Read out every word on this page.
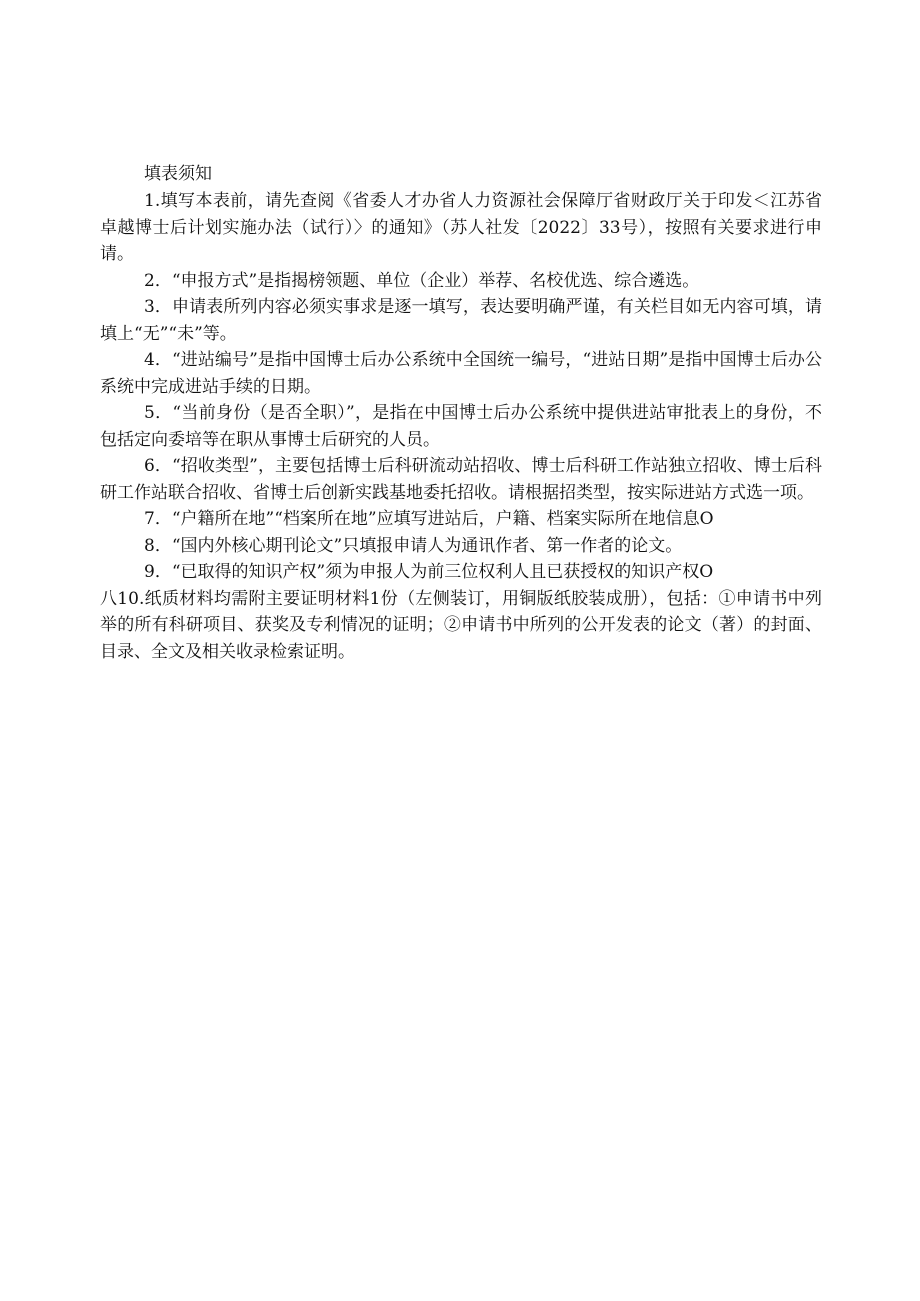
填表须知

1.填写本表前，请先查阅《省委人才办省人力资源社会保障厅省财政厅关于印发＜江苏省卓越博士后计划实施办法（试行）〉的通知》（苏人社发〔2022〕33号），按照有关要求进行申请。

2．“申报方式”是指揭榜领题、单位（企业）举荐、名校优选、综合遴选。

3．申请表所列内容必须实事求是逐一填写，表达要明确严谨，有关栏目如无内容可填，请填上“无”“未”等。

4．“进站编号”是指中国博士后办公系统中全国统一编号，“进站日期”是指中国博士后办公系统中完成进站手续的日期。

5．“当前身份（是否全职）”，是指在中国博士后办公系统中提供进站审批表上的身份，不包括定向委培等在职从事博士后研究的人员。

6．“招收类型”，主要包括博士后科研流动站招收、博士后科研工作站独立招收、博士后科研工作站联合招收、省博士后创新实践基地委托招收。请根据招类型，按实际进站方式选一项。

7．“户籍所在地”“档案所在地”应填写进站后，户籍、档案实际所在地信息O

8．“国内外核心期刊论文”只填报申请人为通讯作者、第一作者的论文。

9．“已取得的知识产权”须为申报人为前三位权利人且已获授权的知识产权O

八10.纸质材料均需附主要证明材料1份（左侧装订，用铜版纸胶装成册），包括：①申请书中列举的所有科研项目、获奖及专利情况的证明；②申请书中所列的公开发表的论文（著）的封面、目录、全文及相关收录检索证明。
